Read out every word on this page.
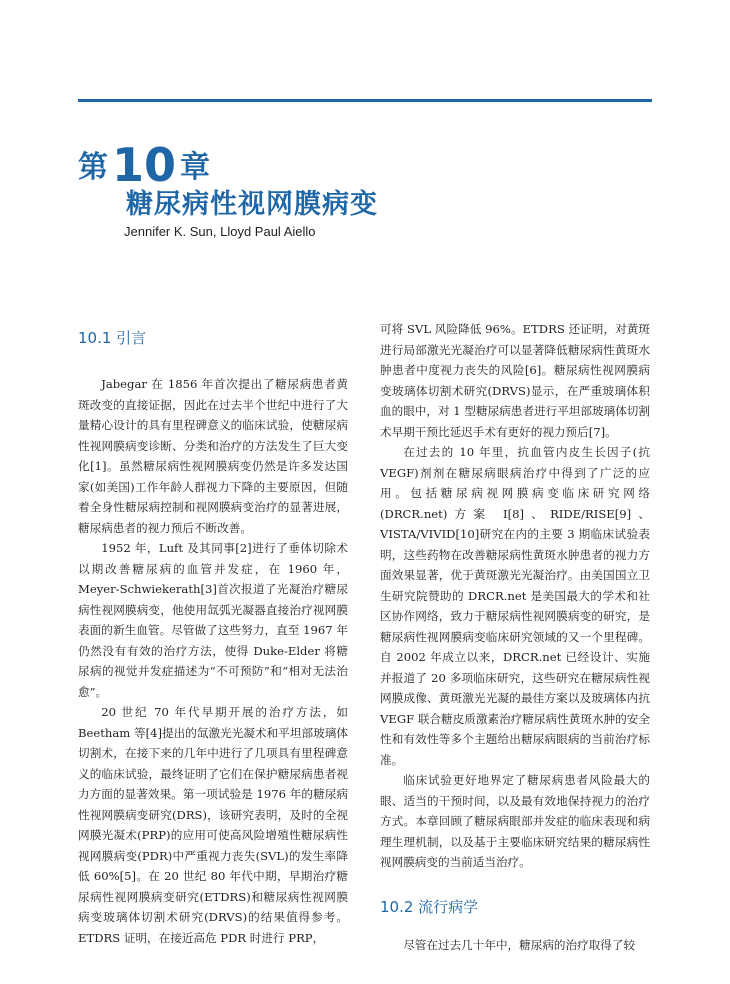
第10 章
糖尿病性视网膜病变
Jennifer K. Sun, Lloyd Paul Aiello
10.1 引言

Jabegar 在 1856 年首次提出了糖尿病患者黄斑改变的直接证据，因此在过去半个世纪中进行了大量精心设计的具有里程碑意义的临床试验，使糖尿病性视网膜病变诊断、分类和治疗的方法发生了巨大变化[1]。虽然糖尿病性视网膜病变仍然是许多发达国家(如美国)工作年龄人群视力下降的主要原因，但随着全身性糖尿病控制和视网膜病变治疗的显著进展，糖尿病患者的视力预后不断改善。

1952 年，Luft 及其同事[2]进行了垂体切除术以期改善糖尿病的血管并发症，在 1960 年，Meyer-Schwiekerath[3]首次报道了光凝治疗糖尿病性视网膜病变，他使用氙弧光凝器直接治疗视网膜表面的新生血管。尽管做了这些努力，直至 1967 年仍然没有有效的治疗方法，使得 Duke-Elder 将糖尿病的视觉并发症描述为“不可预防”和“相对无法治愈”。

20 世纪 70 年代早期开展的治疗方法，如 Beetham 等[4]提出的氙激光光凝术和平坦部玻璃体切割术，在接下来的几年中进行了几项具有里程碑意义的临床试验，最终证明了它们在保护糖尿病患者视力方面的显著效果。第一项试验是 1976 年的糖尿病性视网膜病变研究(DRS)，该研究表明，及时的全视网膜光凝术(PRP)的应用可使高风险增殖性糖尿病性视网膜病变(PDR)中严重视力丧失(SVL)的发生率降低 60%[5]。在 20 世纪 80 年代中期，早期治疗糖尿病性视网膜病变研究(ETDRS)和糖尿病性视网膜病变玻璃体切割术研究(DRVS)的结果值得参考。ETDRS 证明，在接近高危 PDR 时进行 PRP，

可将 SVL 风险降低 96%。ETDRS 还证明，对黄斑进行局部激光光凝治疗可以显著降低糖尿病性黄斑水肿患者中度视力丧失的风险[6]。糖尿病性视网膜病变玻璃体切割术研究(DRVS)显示，在严重玻璃体积血的眼中，对 1 型糖尿病患者进行平坦部玻璃体切割术早期干预比延迟手术有更好的视力预后[7]。

在过去的 10 年里，抗血管内皮生长因子(抗 VEGF)剂剂在糖尿病眼病治疗中得到了广泛的应用。包括糖尿病视网膜病变临床研究网络(DRCR.net)方案 I[8]、RIDE/RISE[9]、VISTA/VIVID[10]研究在内的主要 3 期临床试验表明，这些药物在改善糖尿病性黄斑水肿患者的视力方面效果显著，优于黄斑激光光凝治疗。由美国国立卫生研究院赞助的 DRCR.net 是美国最大的学术和社区协作网络，致力于糖尿病性视网膜病变的研究，是糖尿病性视网膜病变临床研究领域的又一个里程碑。自 2002 年成立以来，DRCR.net 已经设计、实施并报道了 20 多项临床研究，这些研究在糖尿病性视网膜成像、黄斑激光光凝的最佳方案以及玻璃体内抗 VEGF 联合糖皮质激素治疗糖尿病性黄斑水肿的安全性和有效性等多个主题给出糖尿病眼病的当前治疗标准。

临床试验更好地界定了糖尿病患者风险最大的眼、适当的干预时间，以及最有效地保持视力的治疗方式。本章回顾了糖尿病眼部并发症的临床表现和病理生理机制，以及基于主要临床研究结果的糖尿病性视网膜病变的当前适当治疗。

10.2 流行病学

尽管在过去几十年中，糖尿病的治疗取得了较
